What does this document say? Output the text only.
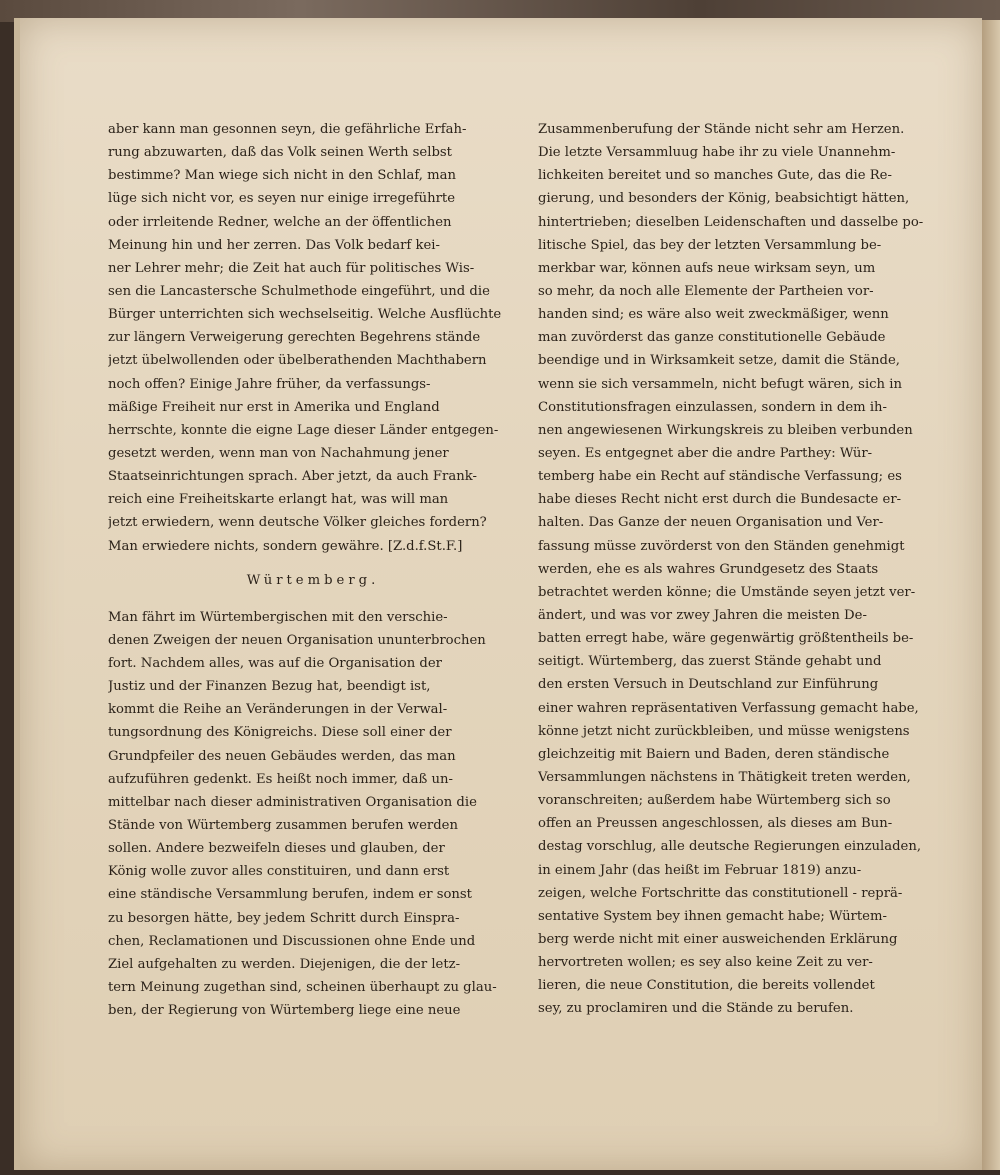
aber kann man gesonnen seyn, die gefährliche Erfah-
rung abzuwarten, daß das Volk seinen Werth selbst
bestimme? Man wiege sich nicht in den Schlaf, man
lüge sich nicht vor, es seyen nur einige irregeführte
oder irrleitende Redner, welche an der öffentlichen
Meinung hin und her zerren. Das Volk bedarf kei-
ner Lehrer mehr; die Zeit hat auch für politisches Wis-
sen die Lancastersche Schulmethode eingeführt, und die
Bürger unterrichten sich wechselseitig. Welche Ausflüchte
zur längern Verweigerung gerechten Begehrens stände
jetzt übelwollenden oder übelberathenden Machthabern
noch offen? Einige Jahre früher, da verfassungs-
mäßige Freiheit nur erst in Amerika und England
herrschte, konnte die eigne Lage dieser Länder entgegen-
gesetzt werden, wenn man von Nachahmung jener
Staatseinrichtungen sprach. Aber jetzt, da auch Frank-
reich eine Freiheitskarte erlangt hat, was will man
jetzt erwiedern, wenn deutsche Völker gleiches fordern?
Man erwiedere nichts, sondern gewähre. [Z.d.f.St.F.]
Würtemberg.
Man fährt im Würtembergischen mit den verschie-
denen Zweigen der neuen Organisation ununterbrochen
fort. Nachdem alles, was auf die Organisation der
Justiz und der Finanzen Bezug hat, beendigt ist,
kommt die Reihe an Veränderungen in der Verwal-
tungsordnung des Königreichs. Diese soll einer der
Grundpfeiler des neuen Gebäudes werden, das man
aufzuführen gedenkt. Es heißt noch immer, daß un-
mittelbar nach dieser administrativen Organisation die
Stände von Würtemberg zusammen berufen werden
sollen. Andere bezweifeln dieses und glauben, der
König wolle zuvor alles constituiren, und dann erst
eine ständische Versammlung berufen, indem er sonst
zu besorgen hätte, bey jedem Schritt durch Einspra-
chen, Reclamationen und Discussionen ohne Ende und
Ziel aufgehalten zu werden. Diejenigen, die der letz-
tern Meinung zugethan sind, scheinen überhaupt zu glau-
ben, der Regierung von Würtemberg liege eine neue
Zusammenberufung der Stände nicht sehr am Herzen.
Die letzte Versammluug habe ihr zu viele Unannehm-
lichkeiten bereitet und so manches Gute, das die Re-
gierung, und besonders der König, beabsichtigt hätten,
hintertrieben; dieselben Leidenschaften und dasselbe po-
litische Spiel, das bey der letzten Versammlung be-
merkbar war, können aufs neue wirksam seyn, um
so mehr, da noch alle Elemente der Partheien vor-
handen sind; es wäre also weit zweckmäßiger, wenn
man zuvörderst das ganze constitutionelle Gebäude
beendige und in Wirksamkeit setze, damit die Stände,
wenn sie sich versammeln, nicht befugt wären, sich in
Constitutionsfragen einzulassen, sondern in dem ih-
nen angewiesenen Wirkungskreis zu bleiben verbunden
seyen. Es entgegnet aber die andre Parthey: Wür-
temberg habe ein Recht auf ständische Verfassung; es
habe dieses Recht nicht erst durch die Bundesacte er-
halten. Das Ganze der neuen Organisation und Ver-
fassung müsse zuvörderst von den Ständen genehmigt
werden, ehe es als wahres Grundgesetz des Staats
betrachtet werden könne; die Umstände seyen jetzt ver-
ändert, und was vor zwey Jahren die meisten De-
batten erregt habe, wäre gegenwärtig größtentheils be-
seitigt. Würtemberg, das zuerst Stände gehabt und
den ersten Versuch in Deutschland zur Einführung
einer wahren repräsentativen Verfassung gemacht habe,
könne jetzt nicht zurückbleiben, und müsse wenigstens
gleichzeitig mit Baiern und Baden, deren ständische
Versammlungen nächstens in Thätigkeit treten werden,
voranschreiten; außerdem habe Würtemberg sich so
offen an Preussen angeschlossen, als dieses am Bun-
destag vorschlug, alle deutsche Regierungen einzuladen,
in einem Jahr (das heißt im Februar 1819) anzu-
zeigen, welche Fortschritte das constitutionell - reprä-
sentative System bey ihnen gemacht habe; Würtem-
berg werde nicht mit einer ausweichenden Erklärung
hervortreten wollen; es sey also keine Zeit zu ver-
lieren, die neue Constitution, die bereits vollendet
sey, zu proclamiren und die Stände zu berufen.
